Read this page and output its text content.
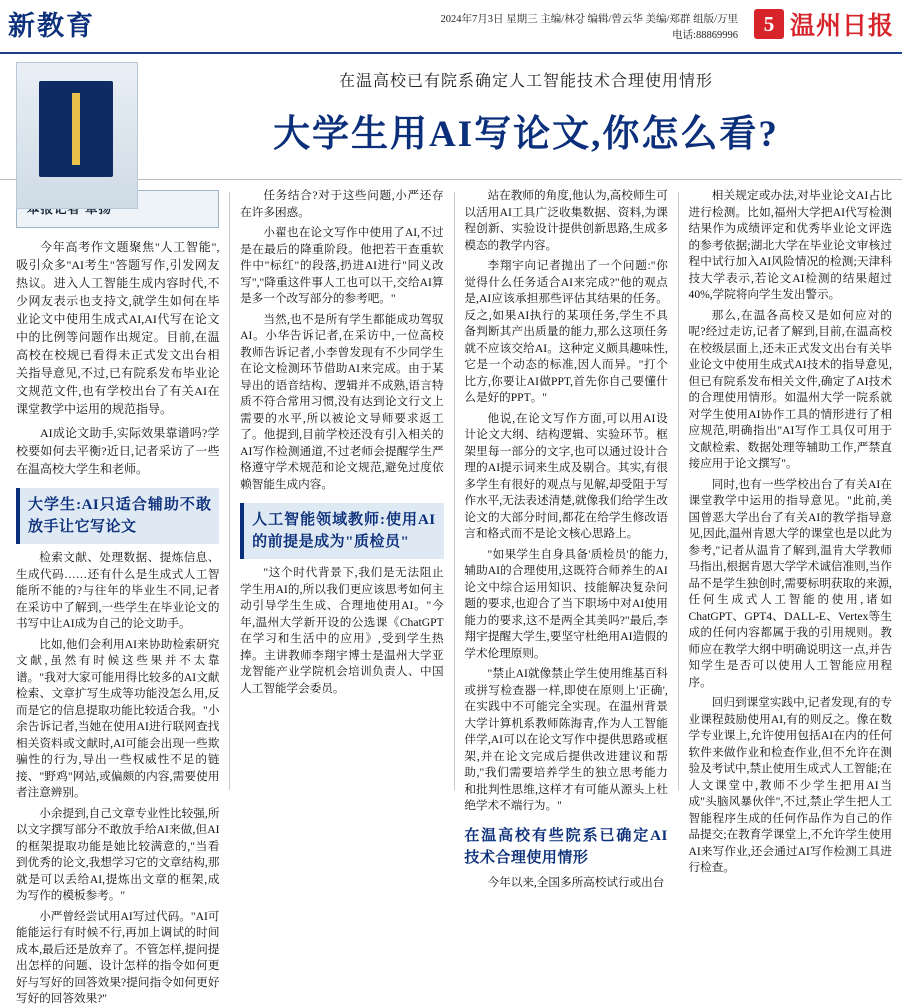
新教育	2024年7月3日 星期三 主编/林강 编辑/曾云华 美编/郑群 组版/万里
电话:88869996	5 温州日报
在温高校已有院系确定人工智能技术合理使用情形
大学生用AI写论文,你怎么看?

今年高考作文题聚焦"人工智能",吸引众多"AI考生"答题写作,引发网友热议。进入人工智能生成内容时代,不少网友表示也支持文,就学生如何在毕业论文中使用生成式AI,AI代写在论文中的比例等问题作出规定。目前,在温高校在校规已看得未正式发文出台相关指导意见,不过,已有院系发布毕业论文规范文件,也有学校出台了有关AI在课堂教学中运用的规范指导。

AI成论文助手,实际效果靠谱吗?学校要如何去平衡?近日,记者采访了一些在温高校大学生和老师。

大学生:AI只适合辅助不敢放手让它写论文

检索文献、处理数据、提炼信息、生成代码……还有什么是生成式人工智能所不能的?与往年的毕业生不同,记者在采访中了解到,一些学生在毕业论文的书写中让AI成为自己的论文助手。

比如,他们会利用AI来协助检索研究文献,虽然有时候这些果并不太靠谱。"我对大家可能用得比较多的AI文献检索、文章扩写生成等功能没怎么用,反而是它的信息提取功能比较适合我。"小余告诉记者,当她在使用AI进行联网查找相关资料或文献时,AI可能会出现一些欺骗性的行为,导出一些权威性不足的链接、"野鸡"网站,或偏颇的内容,需要使用者注意辨别。

小余提到,自己文章专业性比较强,所以文字撰写部分不敢放手给AI来做,但AI的框架提取功能是她比较满意的,"当看到优秀的论文,我想学习它的文章结构,那就是可以丢给AI,提炼出文章的框架,成为写作的模板参考。"

小严曾经尝试用AI写过代码。"AI可能能运行有时候不行,再加上调试的时间成本,最后还是放弃了。不管怎样,提问提出怎样的问题、设计怎样的指令如何更好与写好的回答效果?提问指令如何更好写好的回答效果?"

任务结合?对于这些问题,小严还存在许多困惑。

小翟也在论文写作中使用了AI,不过是在最后的降重阶段。他把若干查重软件中"标红"的段落,扔进AI进行"同义改写","降重这件事人工也可以干,交给AI算是多一个改写部分的参考吧。"

当然,也不是所有学生都能成功驾驭AI。小华告诉记者,在采访中,一位高校教师告诉记者,小李曾发现有不少同学生在论文检测环节借助AI来完成。由于某导出的语音结构、逻辑并不成熟,语言特质不符合常用习惯,没有达到论文行文上需要的水平,所以被论文导师要求返工了。他提到,目前学校还没有引入相关的AI写作检测通道,不过老师会提醒学生严格遵守学术规范和论文规范,避免过度依赖智能生成内容。

人工智能领域教师:使用AI的前提是成为"质检员"

"这个时代背景下,我们是无法阻止学生用AI的,所以我们更应该思考如何主动引导学生生成、合理地使用AI。"今年,温州大学新开设的公选课《ChatGPT在学习和生活中的应用》,受到学生热捧。主讲教师李翔宇博士是温州大学亚龙智能产业学院机会培训负责人、中国人工智能学会委员。

站在教师的角度,他认为,高校师生可以活用AI工具广泛收集数据、资料,为课程创新、实验设计提供创新思路,生成多模态的教学内容。

李翔宇向记者抛出了一个问题:"你觉得什么任务适合AI来完成?"他的观点是,AI应该承担那些评估其结果的任务。反之,如果AI执行的某项任务,学生不具备判断其产出质量的能力,那么这项任务就不应该交给AI。这种定义颇具趣味性,它是一个动态的标准,因人而异。"打个比方,你要让AI做PPT,首先你自己要懂什么是好的PPT。"

他说,在论文写作方面,可以用AI设计论文大纲、结构逻辑、实验环节。框架里每一部分的文字,也可以通过设计合理的AI提示词来生成及剔合。其实,有很多学生有很好的观点与见解,却受阻于写作水平,无法表述清楚,就像我们给学生改论文的大部分时间,都花在给学生修改语言和格式而不是论文核心思路上。

"如果学生自身具备'质检员'的能力,辅助AI的合理使用,这既符合师养生的AI论文中综合运用知识、技能解决复杂问题的要求,也迎合了当下职场中对AI使用能力的要求,这不是两全其美吗?"最后,李翔宇提醒大学生,要坚守杜绝用AI造假的学术伦理原则。

"禁止AI就像禁止学生使用维基百科或拼写检查器一样,即使在原则上'正确',在实践中不可能完全实现。在温州背景大学计算机系教师陈海青,作为人工智能伴学,AI可以在论文写作中提供思路或框架,并在论文完成后提供改进建议和帮助,"我们需要培养学生的独立思考能力和批判性思维,这样才有可能从源头上杜绝学术不端行为。"

在温高校有些院系已确定AI技术合理使用情形

今年以来,全国多所高校试行或出台

相关规定或办法,对毕业论文AI占比进行检测。比如,福州大学把AI代写检测结果作为成绩评定和优秀毕业论文评选的参考依据;湖北大学在毕业论文审核过程中试行加入AI风险情况的检测;天津科技大学表示,若论文AI检测的结果超过40%,学院将向学生发出警示。

那么,在温各高校又是如何应对的呢?经过走访,记者了解到,目前,在温高校在校级层面上,还未正式发文出台有关毕业论文中使用生成式AI技术的指导意见,但已有院系发布相关文件,确定了AI技术的合理使用情形。如温州大学一院系就对学生使用AI协作工具的情形进行了相应规范,明确指出"AI写作工具仅可用于文献检索、数据处理等辅助工作,严禁直接应用于论文撰写"。

同时,也有一些学校出台了有关AI在课堂教学中运用的指导意见。"此前,美国曾恶大学出台了有关AI的教学指导意见,因此,温州肯恩大学的课堂也是以此为参考,"记者从温肯了解到,温肯大学教师马指出,根据肯恩大学学术诚信准则,当作品不是学生独创时,需要标明获取的来源,任何生成式人工智能的使用,诸如ChatGPT、GPT4、DALL-E、Vertex等生成的任何内容都属于我的引用规则。教师应在教学大纲中明确说明这一点,并告知学生是否可以使用人工智能应用程序。

回归到课堂实践中,记者发现,有的专业课程鼓励使用AI,有的则反之。像在数学专业课上,允许使用包括AI在内的任何软件来做作业和检查作业,但不允许在测验及考试中,禁止使用生成式人工智能;在人文课堂中,教师不少学生把用AI当成"头脑风暴伙伴",不过,禁止学生把人工智能程序生成的任何作品作为自己的作品提交;在教育学课堂上,不允许学生使用AI来写作业,还会通过AI写作检测工具进行检查。
